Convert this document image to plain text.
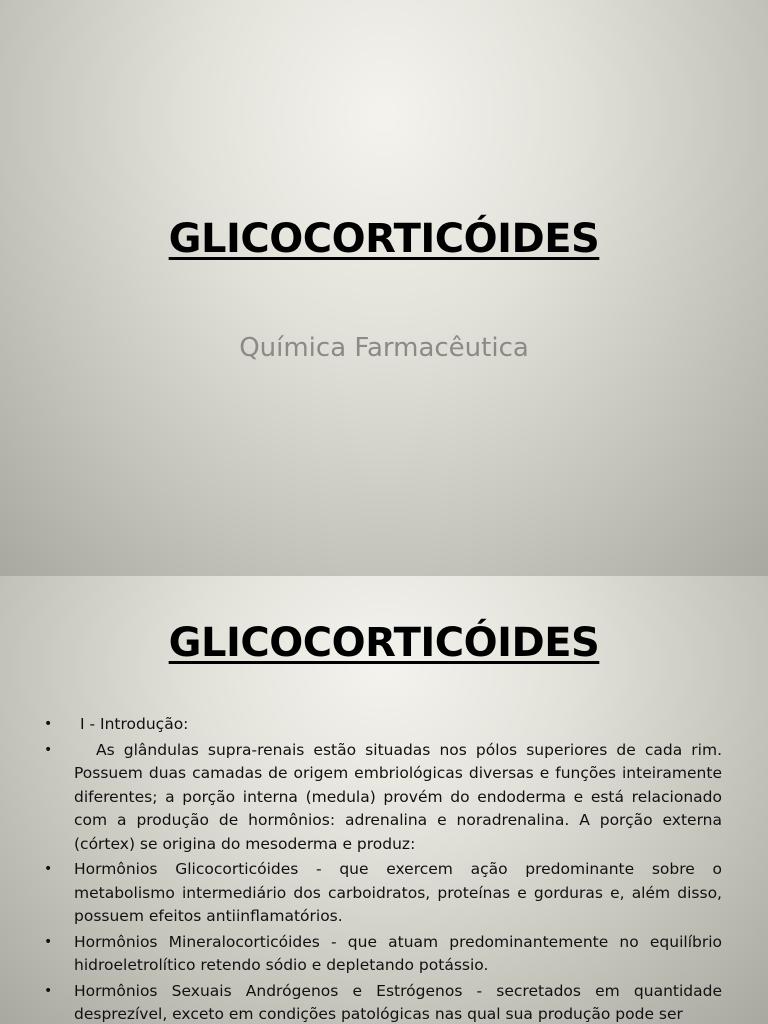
GLICOCORTICÓIDES
Química Farmacêutica
GLICOCORTICÓIDES
• I - Introdução:
•	As glândulas supra-renais estão situadas nos pólos superiores de cada rim. Possuem duas camadas de origem embriológicas diversas e funções inteiramente diferentes; a porção interna (medula) provém do endoderma e está relacionado com a produção de hormônios: adrenalina e noradrenalina. A porção externa (córtex) se origina do mesoderma e produz:
• Hormônios Glicocorticóides - que exercem ação predominante sobre o metabolismo intermediário dos carboidratos, proteínas e gorduras e, além disso, possuem efeitos antiinflamatórios.
• Hormônios Mineralocorticóides - que atuam predominantemente no equilíbrio hidroeletrolítico retendo sódio e depletando potássio.
• Hormônios Sexuais Andrógenos e Estrógenos - secretados em quantidade desprezível, exceto em condições patológicas nas qual sua produção pode ser
